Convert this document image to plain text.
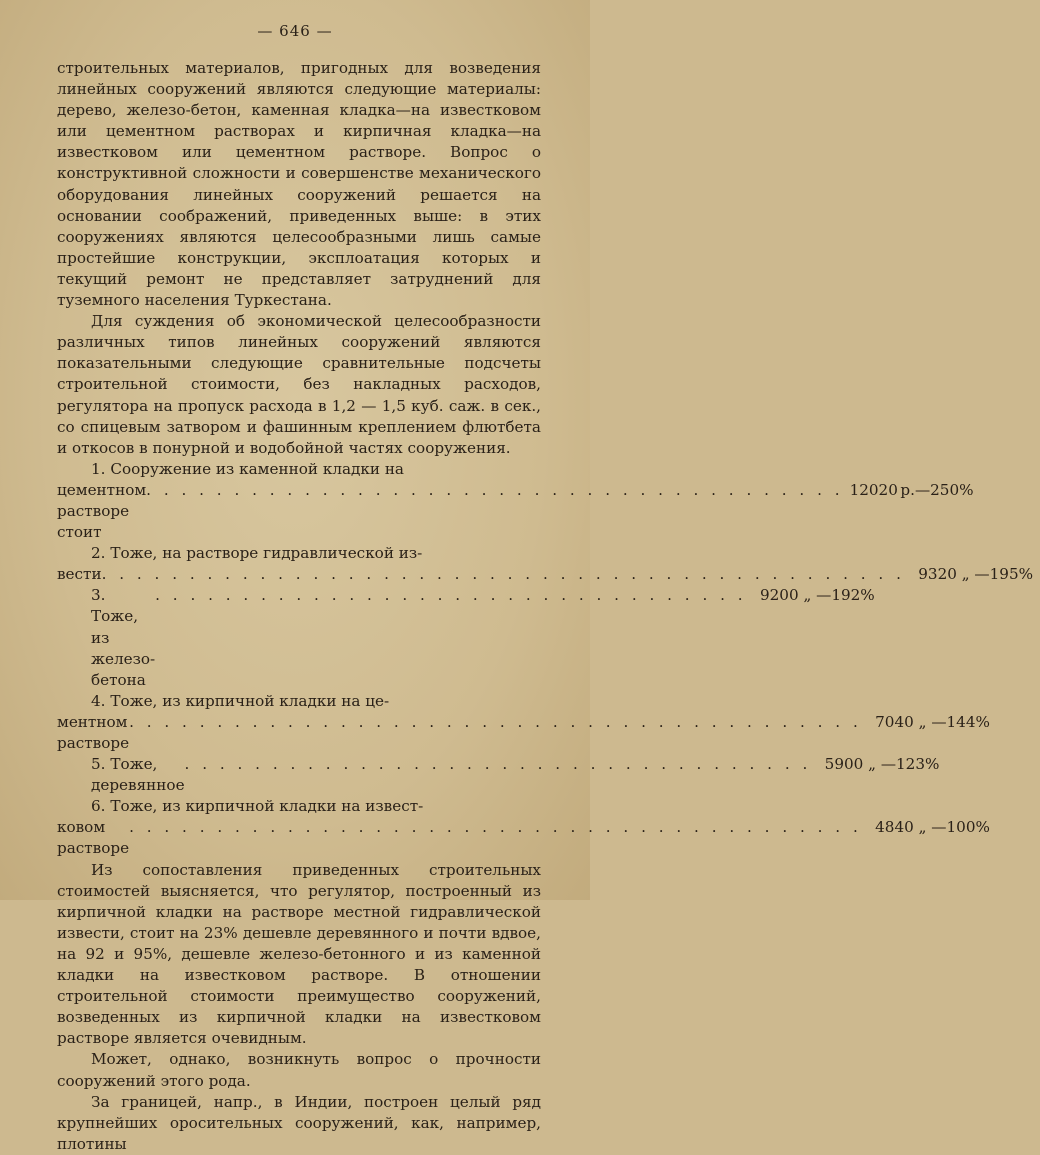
— 646 —

строительных материалов, пригодных для возведения линейных сооружений являются следующие материалы: дерево, железо-бетон, каменная кладка—на известковом или цементном растворах и кирпичная кладка—на известковом или цементном растворе. Вопрос о конструктивной сложности и совершенстве механического оборудования линейных сооружений решается на основании соображений, приведенных выше: в этих сооружениях являются целесообразными лишь самые простейшие конструкции, эксплоатация которых и текущий ремонт не представляет затруднений для туземного населения Туркестана.

Для суждения об экономической целесообразности различных типов линейных сооружений являются показательными следующие сравнительные подсчеты строительной стоимости, без накладных расходов, регулятора на пропуск расхода в 1,2 — 1,5 куб. саж. в сек., со спицевым затвором и фашинным креплением флютбета и откосов в понурной и водобойной частях сооружения.

1. Сооружение из каменной кладки на
цементном растворе стоит
. . . . . . . . . . . . . . . . . . . . . . . . . . . . . . . . . . . . . . . . 12020 р.—250%
2. Тоже, на растворе гидравлической из-
вести . . . . . . . . . . . . . . . . . . . . . . . . . . . . . . . . . . . . . . . . . . . . . . 9320 „ —195%
3. Тоже, из железо-бетона
. . . . . . . . . . . . . . . . . . . . . . . . . . . . . . . . . . 9200 „ —192%
4. Тоже, из кирпичной кладки на це-
ментном растворе
. . . . . . . . . . . . . . . . . . . . . . . . . . . . . . . . . . . . . . . . . . 7040 „ —144%
5. Тоже, деревянное
. . . . . . . . . . . . . . . . . . . . . . . . . . . . . . . . . . . . 5900 „ —123%
6. Тоже, из кирпичной кладки на извест-
ковом растворе
. . . . . . . . . . . . . . . . . . . . . . . . . . . . . . . . . . . . . . . . . . 4840 „ —100%

Из сопоставления приведенных строительных стоимостей выясняется, что регулятор, построенный из кирпичной кладки на растворе местной гидравлической извести, стоит на 23% дешевле деревянного и почти вдвое, на 92 и 95%, дешевле железо-бетонного и из каменной кладки на известковом растворе. В отношении строительной стоимости преимущество сооружений, возведенных из кирпичной кладки на известковом растворе является очевидным.

Может, однако, возникнуть вопрос о прочности сооружений этого рода.

За границей, напр., в Индии, построен целый ряд крупнейших оросительных сооружений, как, например, плотины
